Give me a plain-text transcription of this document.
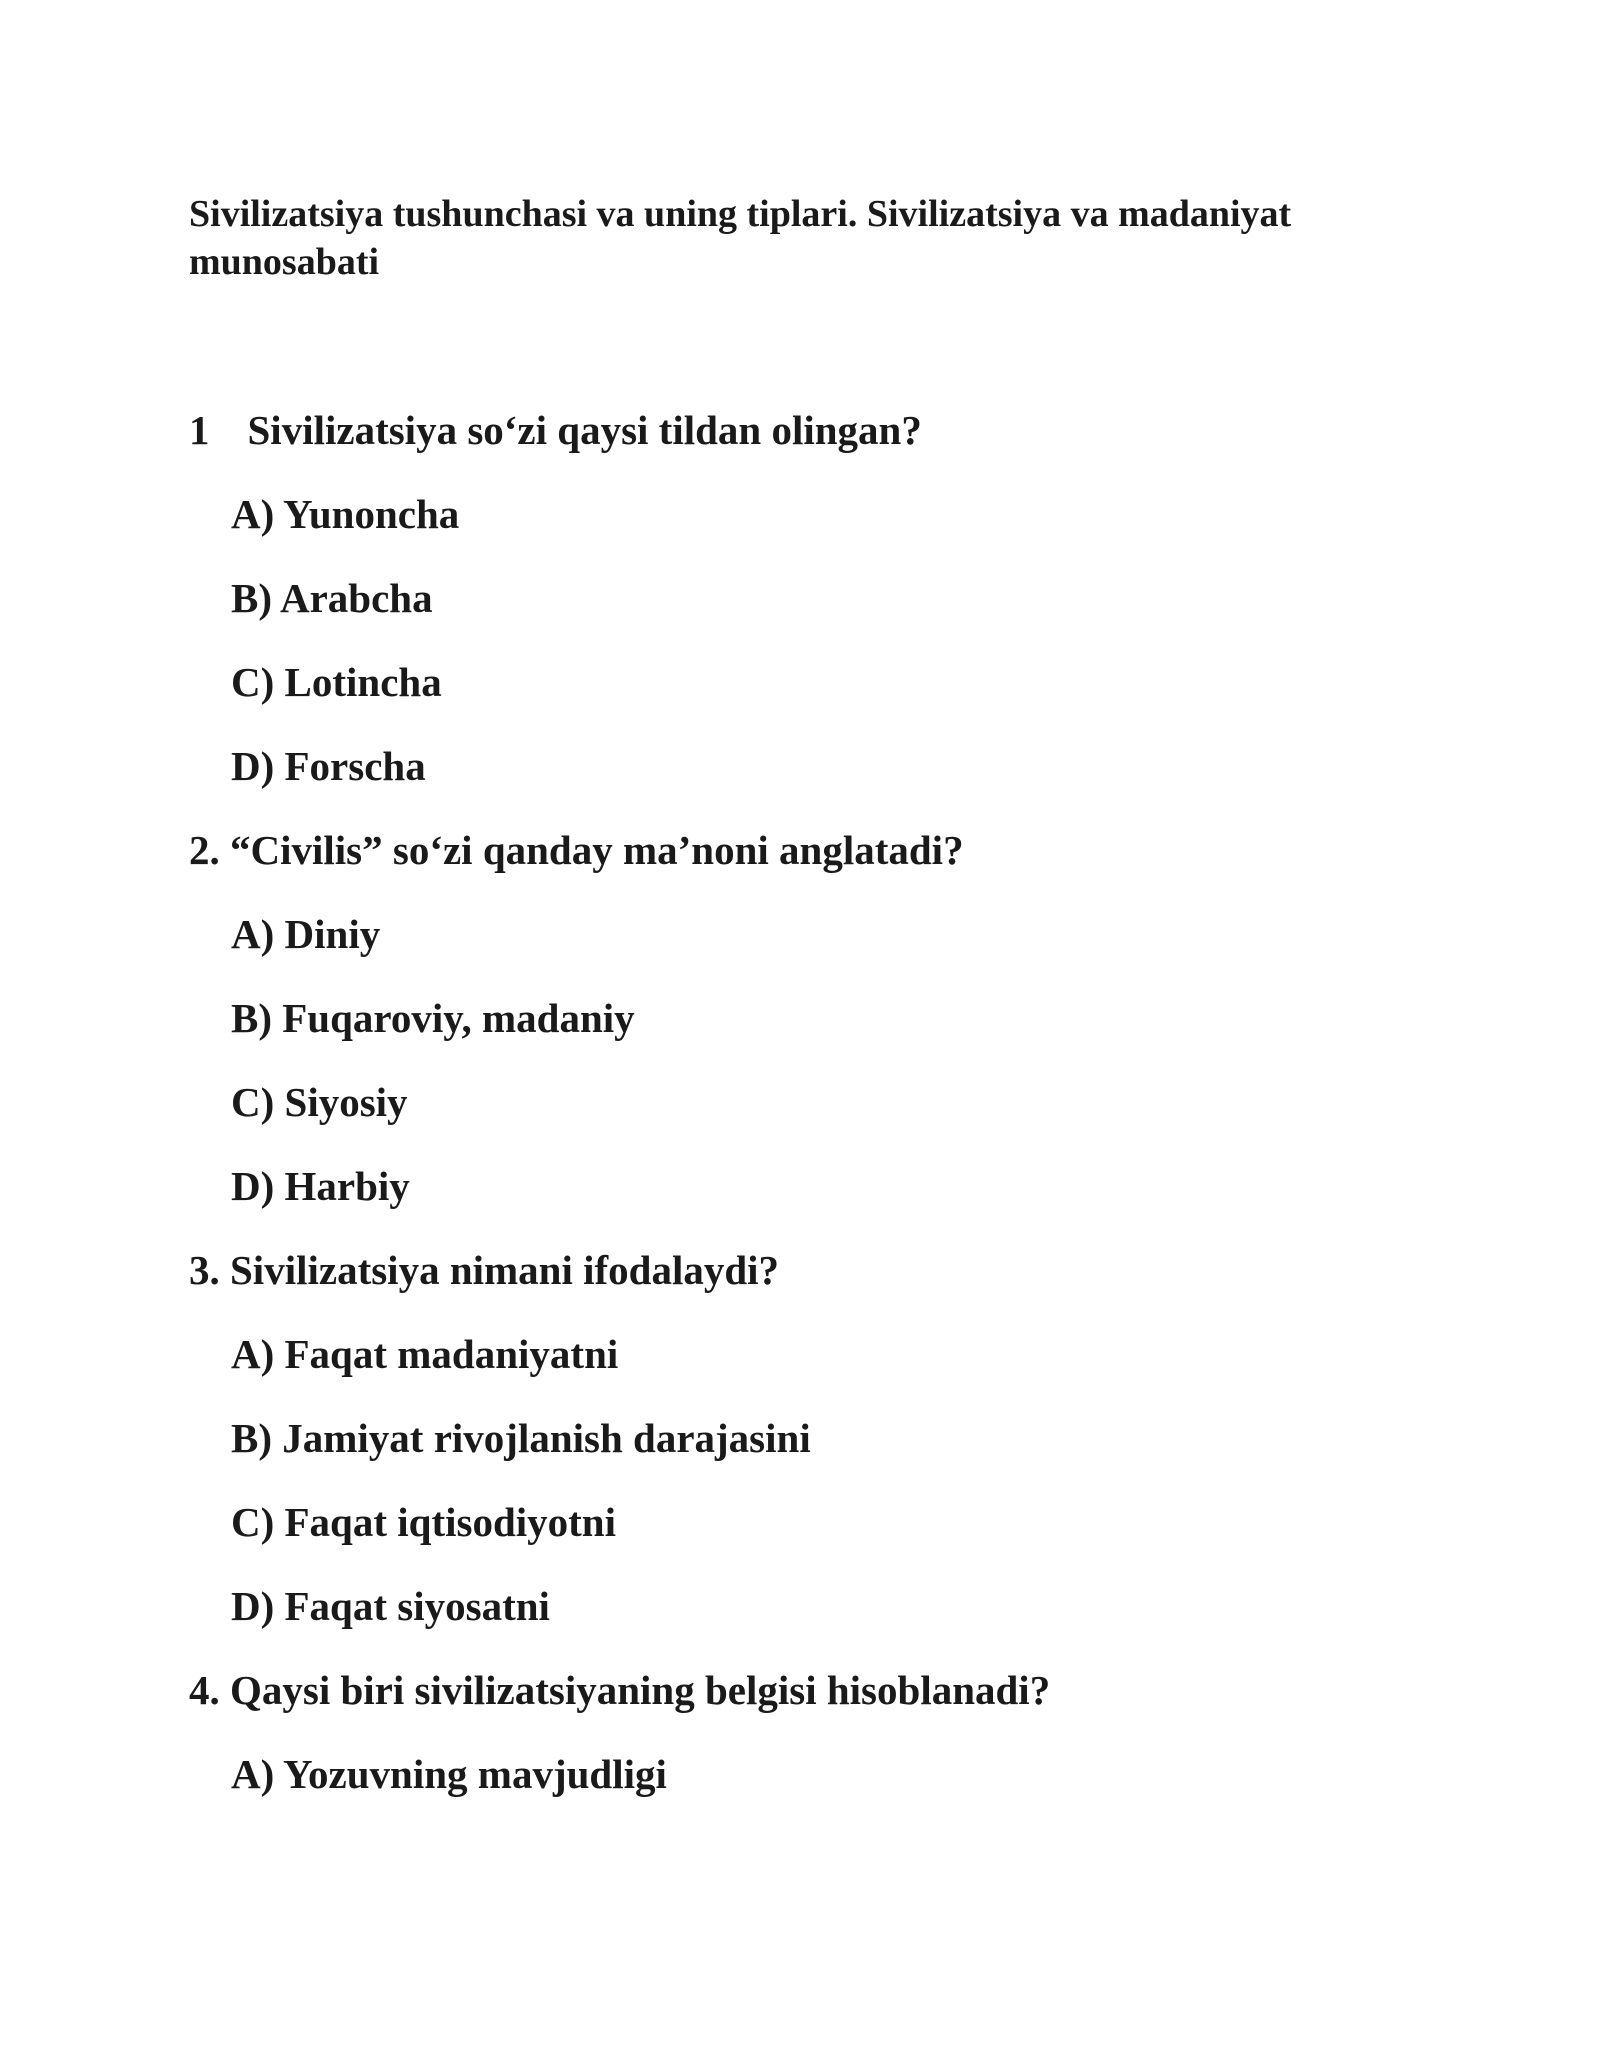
Sivilizatsiya tushunchasi va uning tiplari. Sivilizatsiya va madaniyat munosabati
1 Sivilizatsiya so‘zi qaysi tildan olingan?
A) Yunoncha
B) Arabcha
C) Lotincha
D) Forscha
2. “Civilis” so‘zi qanday ma’noni anglatadi?
A) Diniy
B) Fuqaroviy, madaniy
C) Siyosiy
D) Harbiy
3. Sivilizatsiya nimani ifodalaydi?
A) Faqat madaniyatni
B) Jamiyat rivojlanish darajasini
C) Faqat iqtisodiyotni
D) Faqat siyosatni
4. Qaysi biri sivilizatsiyaning belgisi hisoblanadi?
A) Yozuvning mavjudligi
